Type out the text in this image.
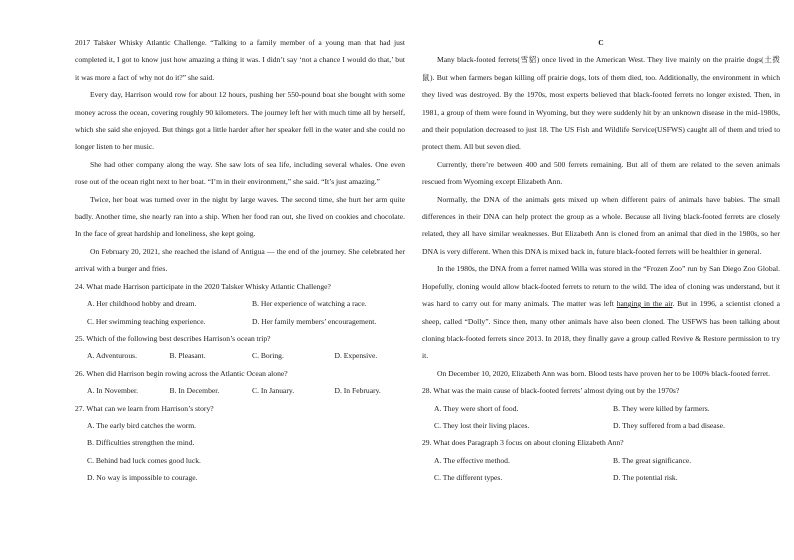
2017 Talsker Whisky Atlantic Challenge. “Talking to a family member of a young man that had just completed it, I got to know just how amazing a thing it was. I didn’t say ‘not a chance I would do that,’ but it was more a fact of why not do it?” she said.

Every day, Harrison would row for about 12 hours, pushing her 550-pound boat she bought with some money across the ocean, covering roughly 90 kilometers. The journey left her with much time all by herself, which she said she enjoyed. But things got a little harder after her speaker fell in the water and she could no longer listen to her music.

She had other company along the way. She saw lots of sea life, including several whales. One even rose out of the ocean right next to her boat. “I’m in their environment,” she said. “It’s just amazing.”

Twice, her boat was turned over in the night by large waves. The second time, she hurt her arm quite badly. Another time, she nearly ran into a ship. When her food ran out, she lived on cookies and chocolate. In the face of great hardship and loneliness, she kept going.

On February 20, 2021, she reached the island of Antigua — the end of the journey. She celebrated her arrival with a burger and fries.

24. What made Harrison participate in the 2020 Talsker Whisky Atlantic Challenge?

A. Her childhood hobby and dream.	B. Her experience of watching a race.
C. Her swimming teaching experience.	D. Her family members’ encouragement.

25. Which of the following best describes Harrison’s ocean trip?

A. Adventurous.	B. Pleasant.	C. Boring.	D. Expensive.

26. When did Harrison begin rowing across the Atlantic Ocean alone?

A. In November.	B. In December.	C. In January.	D. In February.

27. What can we learn from Harrison’s story?

A. The early bird catches the worm.

B. Difficulties strengthen the mind.

C. Behind bad luck comes good luck.

D. No way is impossible to courage.

C

Many black-footed ferrets(雪貂) once lived in the American West. They live mainly on the prairie dogs(土拨鼠). But when farmers began killing off prairie dogs, lots of them died, too. Additionally, the environment in which they lived was destroyed. By the 1970s, most experts believed that black-footed ferrets no longer existed. Then, in 1981, a group of them were found in Wyoming, but they were suddenly hit by an unknown disease in the mid-1980s, and their population decreased to just 18. The US Fish and Wildlife Service(USFWS) caught all of them and tried to protect them. All but seven died.

Currently, there’re between 400 and 500 ferrets remaining. But all of them are related to the seven animals rescued from Wyoming except Elizabeth Ann.

Normally, the DNA of the animals gets mixed up when different pairs of animals have babies. The small differences in their DNA can help protect the group as a whole. Because all living black-footed ferrets are closely related, they all have similar weaknesses. But Elizabeth Ann is cloned from an animal that died in the 1980s, so her DNA is very different. When this DNA is mixed back in, future black-footed ferrets will be healthier in general.

In the 1980s, the DNA from a ferret named Willa was stored in the “Frozen Zoo” run by San Diego Zoo Global. Hopefully, cloning would allow black-footed ferrets to return to the wild. The idea of cloning was understand, but it was hard to carry out for many animals. The matter was left hanging in the air. But in 1996, a scientist cloned a sheep, called “Dolly”. Since then, many other animals have also been cloned. The USFWS has been talking about cloning black-footed ferrets since 2013. In 2018, they finally gave a group called Revive & Restore permission to try it.

On December 10, 2020, Elizabeth Ann was born. Blood tests have proven her to be 100% black-footed ferret.

28. What was the main cause of black-footed ferrets’ almost dying out by the 1970s?

A. They were short of food.	B. They were killed by farmers.
C. They lost their living places.	D. They suffered from a bad disease.

29. What does Paragraph 3 focus on about cloning Elizabeth Ann?

A. The effective method.	B. The great significance.
C. The different types.	D. The potential risk.
